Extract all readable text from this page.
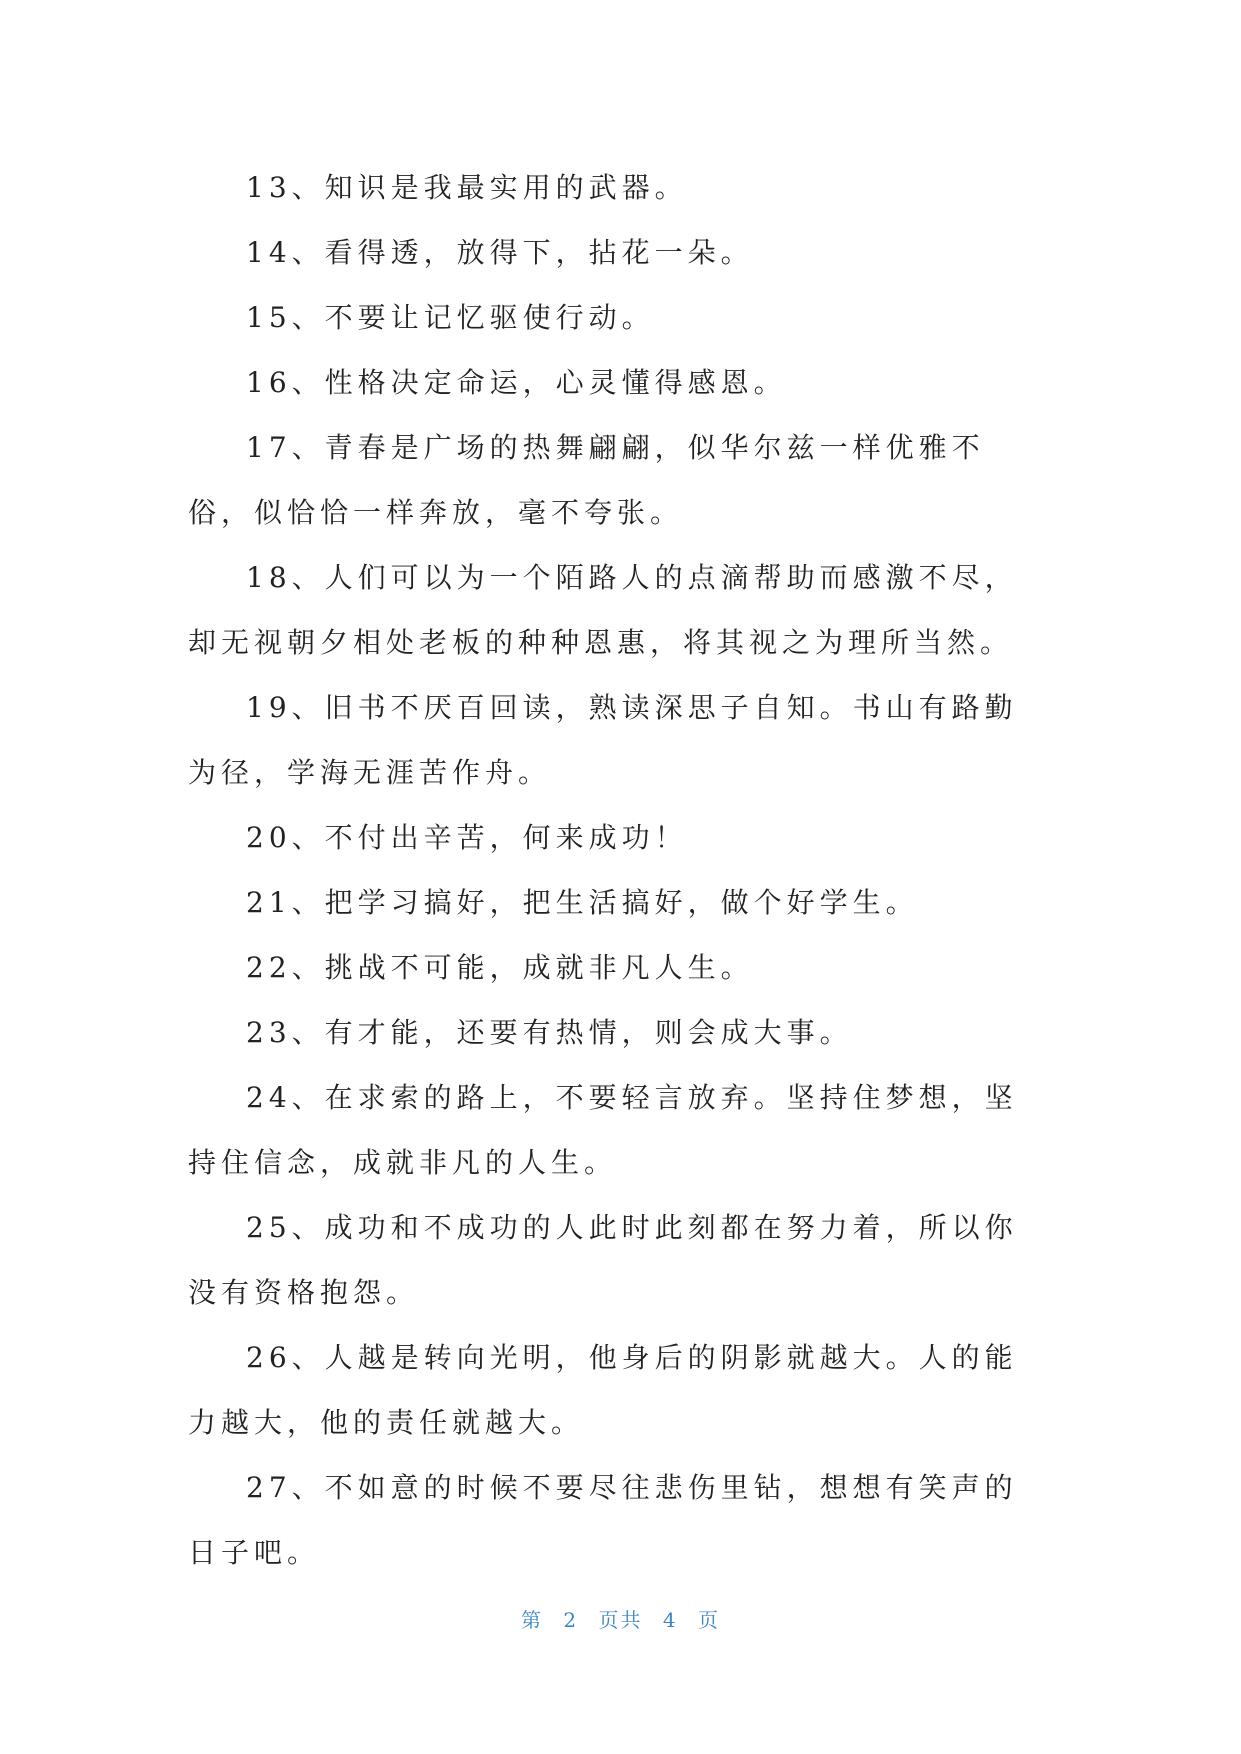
13、知识是我最实用的武器。

14、看得透，放得下，拈花一朵。

15、不要让记忆驱使行动。

16、性格决定命运，心灵懂得感恩。

17、青春是广场的热舞翩翩，似华尔兹一样优雅不俗，似恰恰一样奔放，毫不夸张。

18、人们可以为一个陌路人的点滴帮助而感激不尽，却无视朝夕相处老板的种种恩惠，将其视之为理所当然。

19、旧书不厌百回读，熟读深思子自知。书山有路勤为径，学海无涯苦作舟。

20、不付出辛苦，何来成功！

21、把学习搞好，把生活搞好，做个好学生。

22、挑战不可能，成就非凡人生。

23、有才能，还要有热情，则会成大事。

24、在求索的路上，不要轻言放弃。坚持住梦想，坚持住信念，成就非凡的人生。

25、成功和不成功的人此时此刻都在努力着，所以你没有资格抱怨。

26、人越是转向光明，他身后的阴影就越大。人的能力越大，他的责任就越大。

27、不如意的时候不要尽往悲伤里钻，想想有笑声的日子吧。

第 2 页共 4 页
